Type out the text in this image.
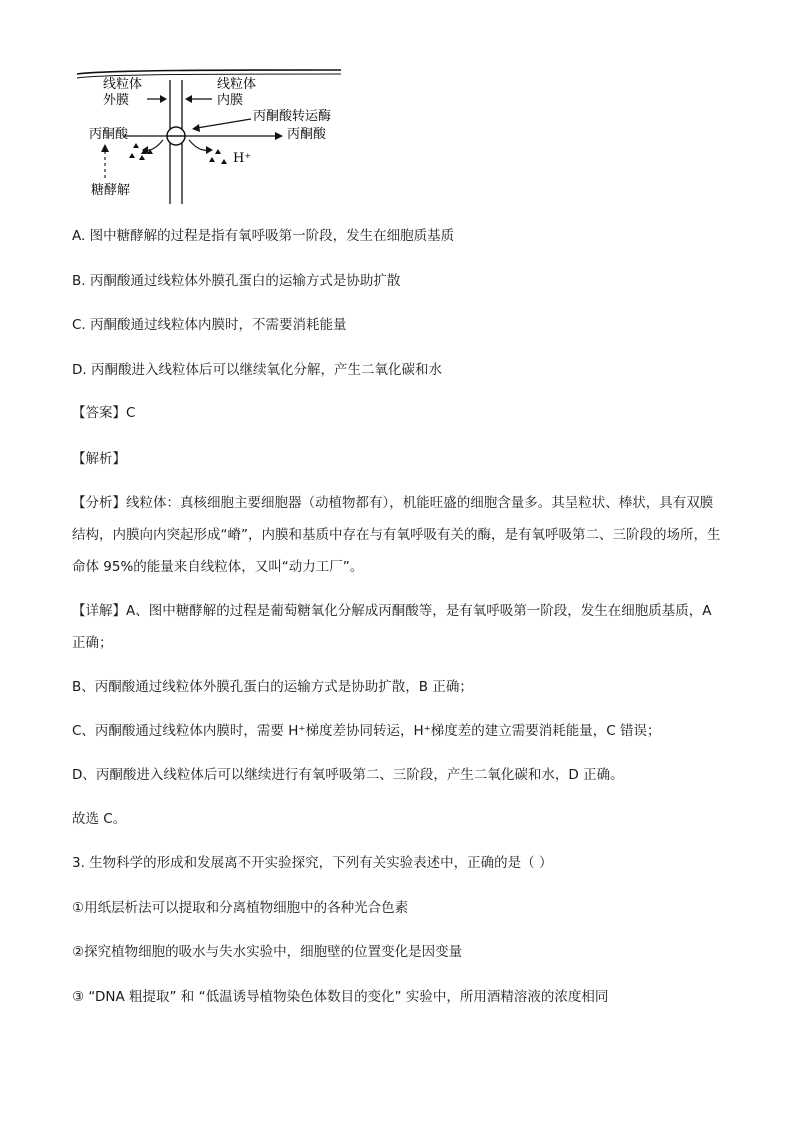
线粒体
外膜
线粒体
内膜
丙酮酸转运酶
丙酮酸	丙酮酸
H⁺
糖酵解
A. 图中糖酵解的过程是指有氧呼吸第一阶段，发生在细胞质基质
B. 丙酮酸通过线粒体外膜孔蛋白的运输方式是协助扩散
C. 丙酮酸通过线粒体内膜时，不需要消耗能量
D. 丙酮酸进入线粒体后可以继续氧化分解，产生二氧化碳和水
【答案】C
【解析】
【分析】线粒体：真核细胞主要细胞器（动植物都有），机能旺盛的细胞含量多。其呈粒状、棒状，具有双膜结构，内膜向内突起形成“嵴”，内膜和基质中存在与有氧呼吸有关的酶，是有氧呼吸第二、三阶段的场所，生命体 95%的能量来自线粒体，又叫“动力工厂”。
【详解】A、图中糖酵解的过程是葡萄糖氧化分解成丙酮酸等，是有氧呼吸第一阶段，发生在细胞质基质，A 正确；
B、丙酮酸通过线粒体外膜孔蛋白的运输方式是协助扩散，B 正确；
C、丙酮酸通过线粒体内膜时，需要 H⁺梯度差协同转运，H⁺梯度差的建立需要消耗能量，C 错误；
D、丙酮酸进入线粒体后可以继续进行有氧呼吸第二、三阶段，产生二氧化碳和水，D 正确。
故选 C。
3. 生物科学的形成和发展离不开实验探究，下列有关实验表述中，正确的是（ ）
①用纸层析法可以提取和分离植物细胞中的各种光合色素
②探究植物细胞的吸水与失水实验中，细胞壁的位置变化是因变量
③ “DNA 粗提取” 和 “低温诱导植物染色体数目的变化” 实验中，所用酒精溶液的浓度相同
